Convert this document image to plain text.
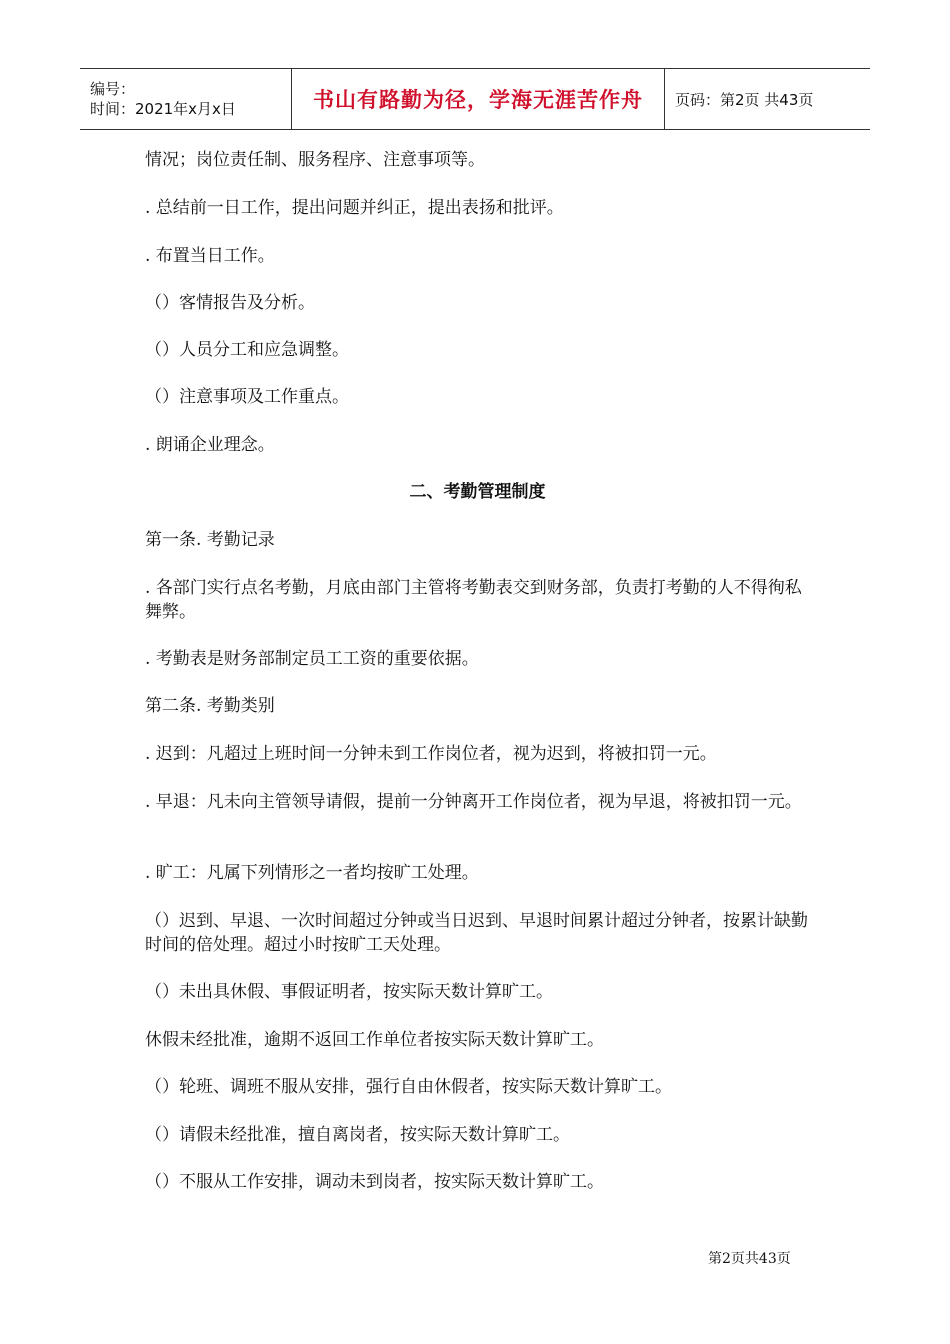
编号：
时间：2021年x月x日	书山有路勤为径，学海无涯苦作舟	页码：第2页 共43页

情况；岗位责任制、服务程序、注意事项等。

. 总结前一日工作，提出问题并纠正，提出表扬和批评。

. 布置当日工作。

（）客情报告及分析。

（）人员分工和应急调整。

（）注意事项及工作重点。

. 朗诵企业理念。

二、考勤管理制度

第一条. 考勤记录

. 各部门实行点名考勤，月底由部门主管将考勤表交到财务部，负责打考勤的人不得徇私舞弊。

. 考勤表是财务部制定员工工资的重要依据。

第二条. 考勤类别

. 迟到：凡超过上班时间一分钟未到工作岗位者，视为迟到，将被扣罚一元。

. 早退：凡未向主管领导请假，提前一分钟离开工作岗位者，视为早退，将被扣罚一元。

. 旷工：凡属下列情形之一者均按旷工处理。

（）迟到、早退、一次时间超过分钟或当日迟到、早退时间累计超过分钟者，按累计缺勤时间的倍处理。超过小时按旷工天处理。

（）未出具休假、事假证明者，按实际天数计算旷工。

休假未经批准，逾期不返回工作单位者按实际天数计算旷工。

（）轮班、调班不服从安排，强行自由休假者，按实际天数计算旷工。

（）请假未经批准，擅自离岗者，按实际天数计算旷工。

（）不服从工作安排，调动未到岗者，按实际天数计算旷工。

第2页共43页
